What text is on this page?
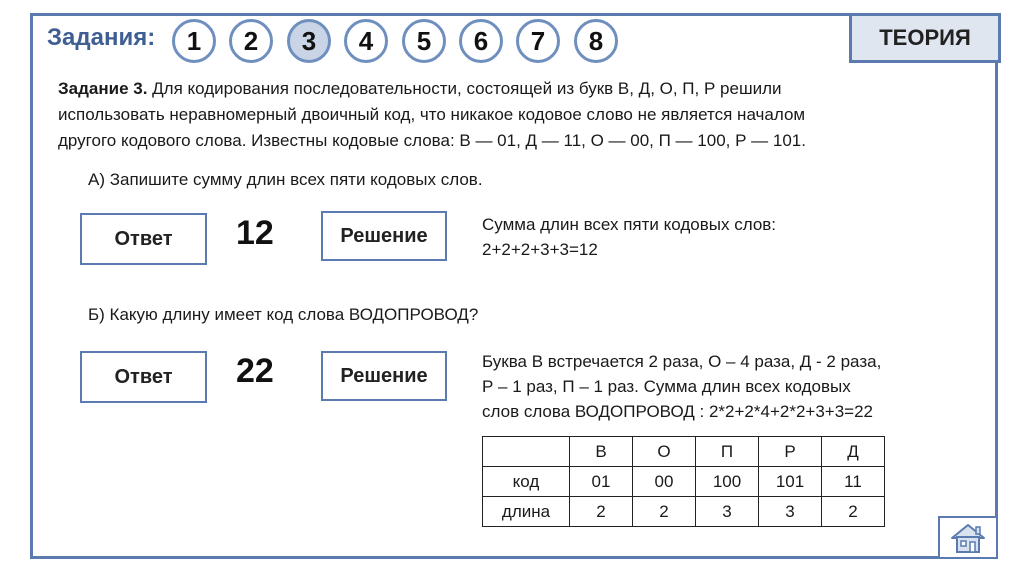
Задания:	1	2	3	4	5	6	7	8	ТЕОРИЯ
Задание 3. Для кодирования последовательности, состоящей из букв В, Д, О, П, Р решили
использовать неравномерный двоичный код, что никакое кодовое слово не является началом
другого кодового слова. Известны кодовые слова: В — 01, Д — 11, О — 00, П — 100, Р — 101.
А) Запишите сумму длин всех пяти кодовых слов.
Ответ	12	Решение	Сумма длин всех пяти кодовых слов:
2+2+2+3+3=12
Б) Какую длину имеет код слова ВОДОПРОВОД?
Ответ	22	Решение
Буква В встречается 2 раза, О – 4 раза, Д - 2 раза,
Р – 1 раз, П – 1 раз. Сумма длин всех кодовых
слов слова ВОДОПРОВОД : 2*2+2*4+2*2+3+3=22
	В	О	П	Р	Д
код	01	00	100	101	11
длина	2	2	3	3	2
